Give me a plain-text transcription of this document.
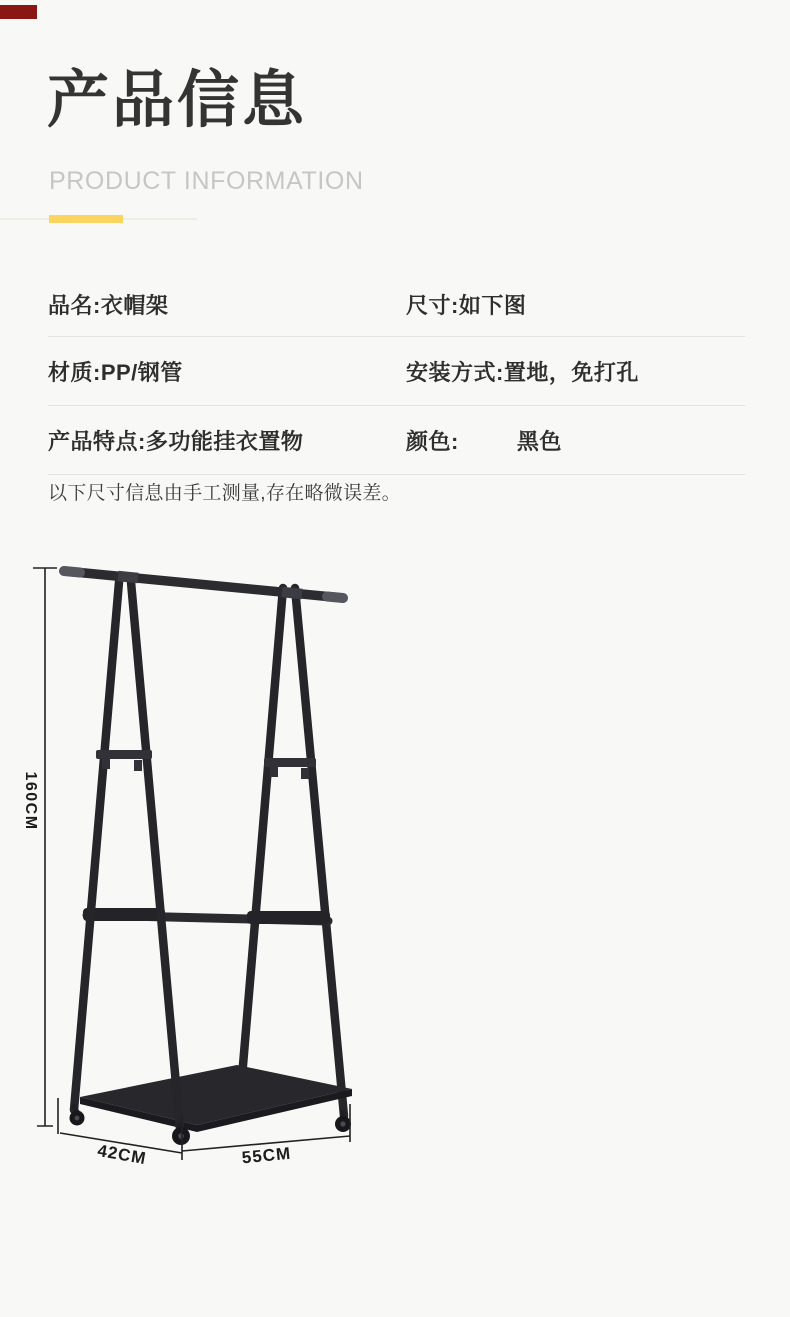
产品信息
PRODUCT INFORMATION
品名:衣帽架	尺寸:如下图
材质:PP/钢管	安装方式:置地，免打孔
产品特点:多功能挂衣置物	颜色:	黑色

以下尺寸信息由手工测量,存在略微误差。

160CM
42CM	55CM
